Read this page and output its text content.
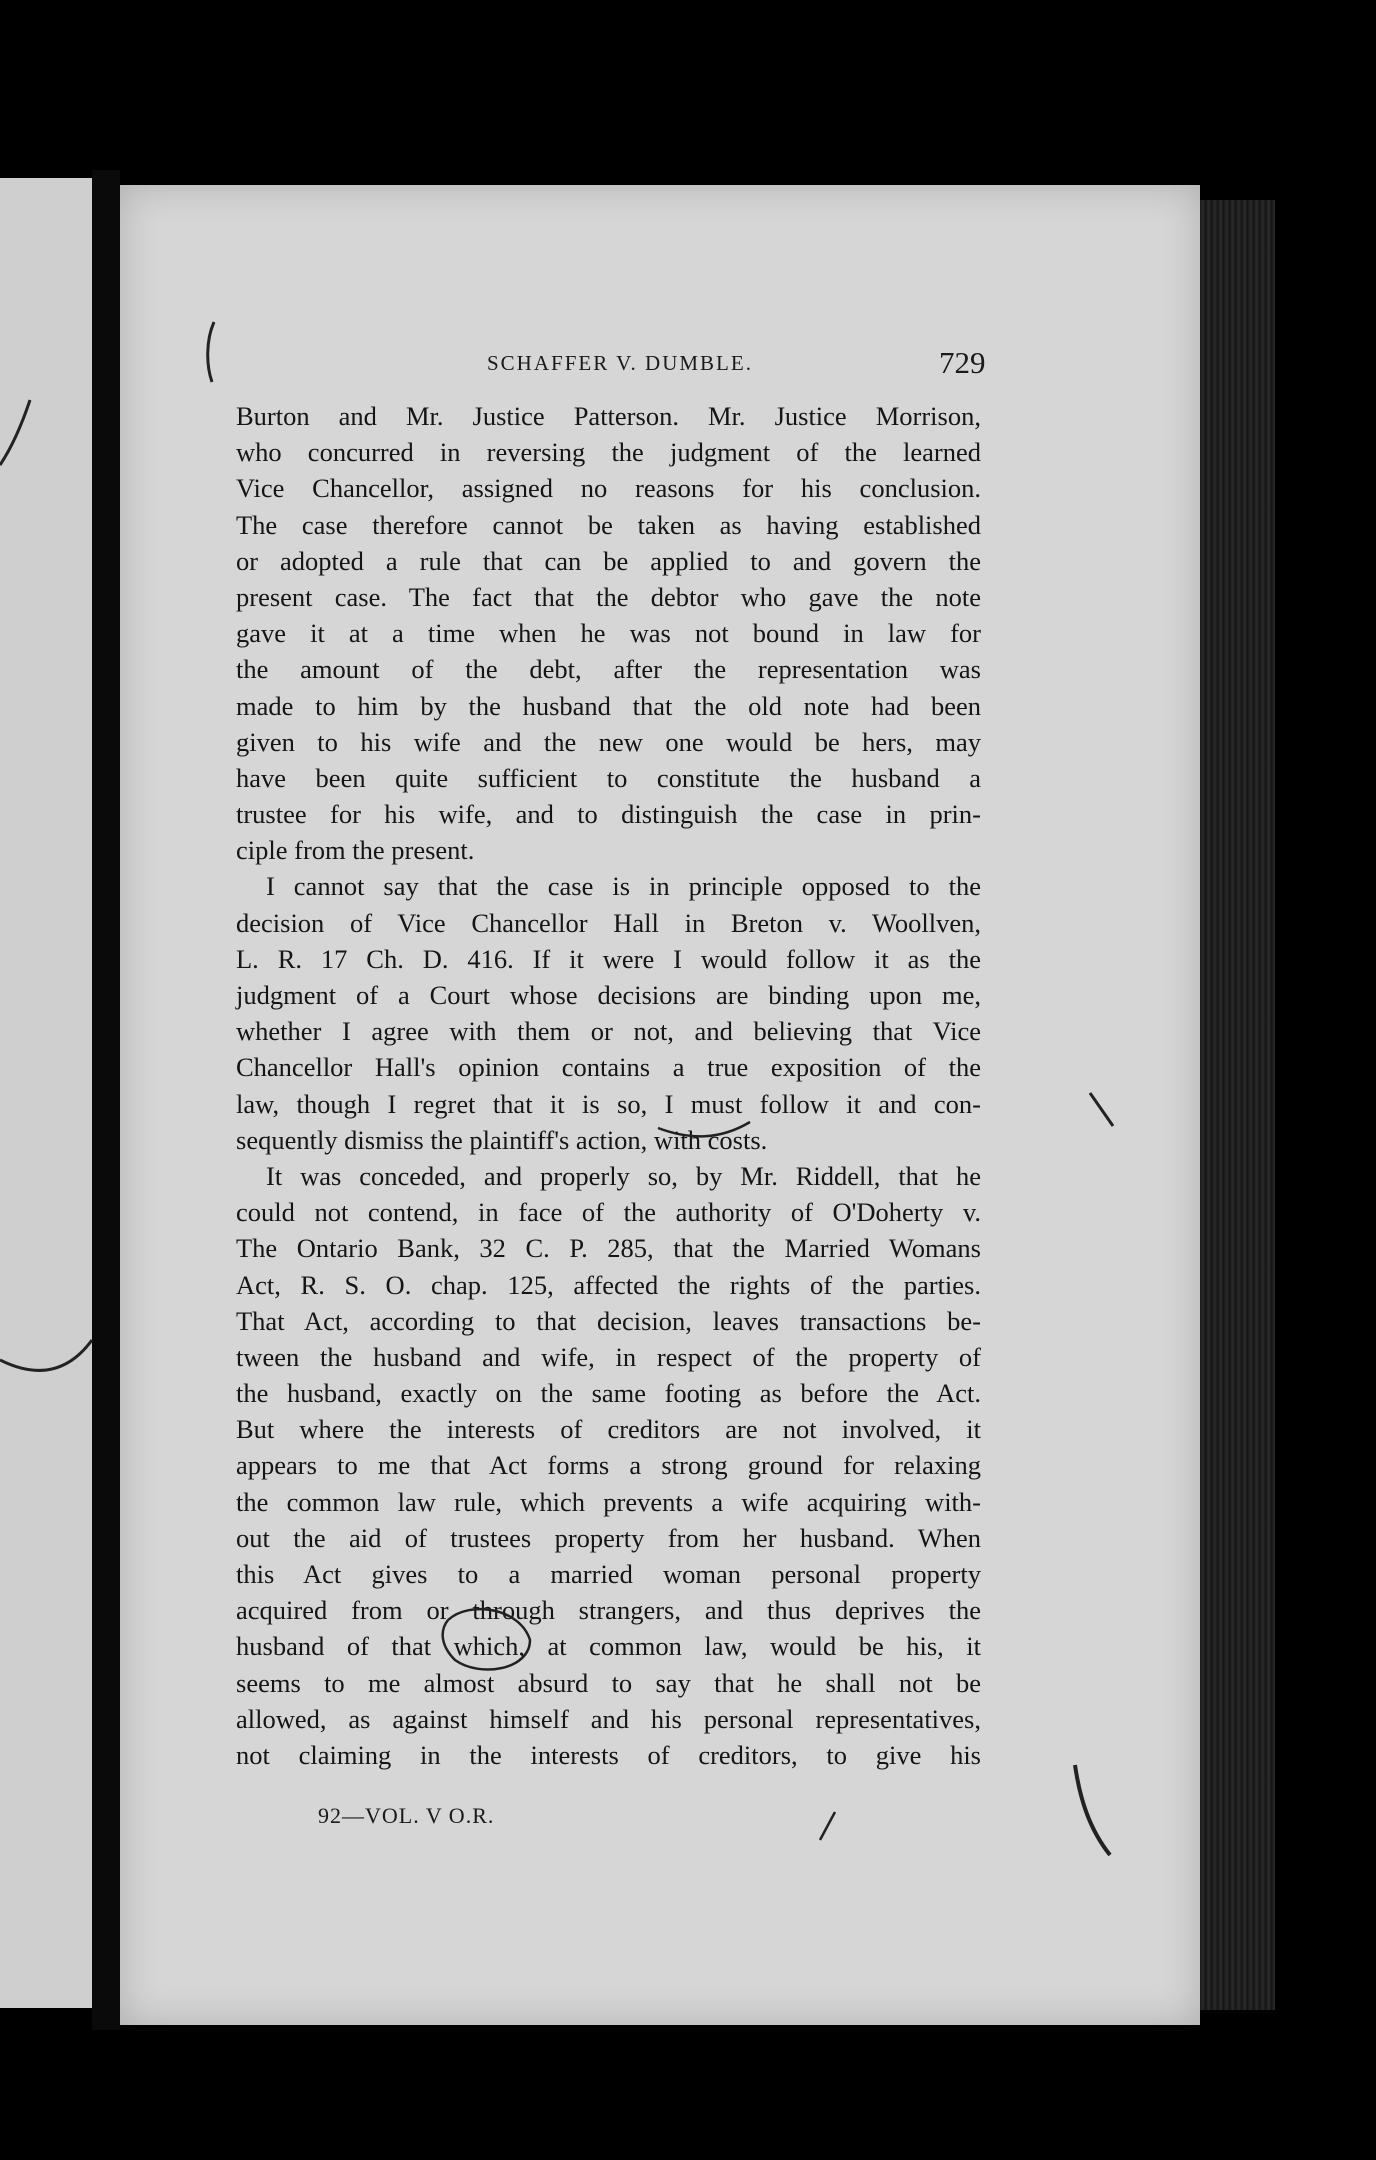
SCHAFFER V. DUMBLE.	729
Burton and Mr. Justice Patterson. Mr. Justice Morrison,
who concurred in reversing the judgment of the learned
Vice Chancellor, assigned no reasons for his conclusion.
The case therefore cannot be taken as having established
or adopted a rule that can be applied to and govern the
present case. The fact that the debtor who gave the note
gave it at a time when he was not bound in law for
the amount of the debt, after the representation was
made to him by the husband that the old note had been
given to his wife and the new one would be hers, may
have been quite sufficient to constitute the husband a
trustee for his wife, and to distinguish the case in prin-
ciple from the present.
I cannot say that the case is in principle opposed to the
decision of Vice Chancellor Hall in Breton v. Woollven,
L. R. 17 Ch. D. 416. If it were I would follow it as the
judgment of a Court whose decisions are binding upon me,
whether I agree with them or not, and believing that Vice
Chancellor Hall's opinion contains a true exposition of the
law, though I regret that it is so, I must follow it and con-
sequently dismiss the plaintiff's action, with costs.
It was conceded, and properly so, by Mr. Riddell, that he
could not contend, in face of the authority of O'Doherty v.
The Ontario Bank, 32 C. P. 285, that the Married Womans
Act, R. S. O. chap. 125, affected the rights of the parties.
That Act, according to that decision, leaves transactions be-
tween the husband and wife, in respect of the property of
the husband, exactly on the same footing as before the Act.
But where the interests of creditors are not involved, it
appears to me that Act forms a strong ground for relaxing
the common law rule, which prevents a wife acquiring with-
out the aid of trustees property from her husband. When
this Act gives to a married woman personal property
acquired from or through strangers, and thus deprives the
husband of that which, at common law, would be his, it
seems to me almost absurd to say that he shall not be
allowed, as against himself and his personal representatives,
not claiming in the interests of creditors, to give his
92—VOL. V O.R.
